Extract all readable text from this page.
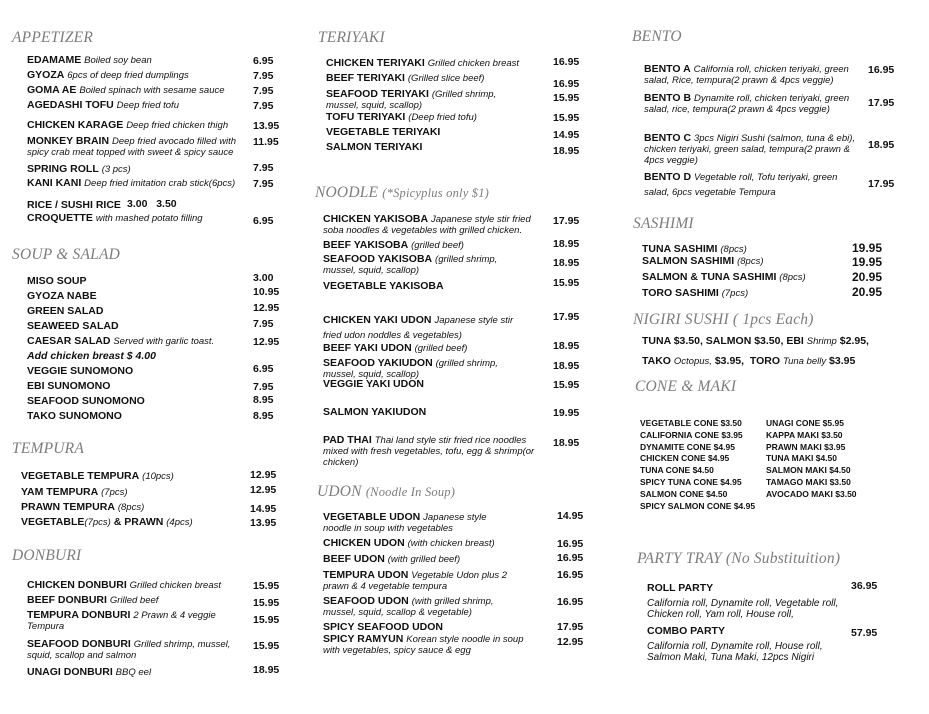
APPETIZER
EDAMAME Boiled soy bean	6.95
GYOZA 6pcs of deep fried dumplings	7.95
GOMA AE Boiled spinach with sesame sauce	7.95
AGEDASHI TOFU Deep fried tofu	7.95
CHICKEN KARAGE Deep fried chicken thigh 13.95
MONKEY BRAIN Deep fried avocado filled with spicy crab meat topped with sweet & spicy sauce
11.95
SPRING ROLL (3 pcs)	7.95
KANI KANI Deep fried imitation crab stick(6pcs) 7.95
RICE / SUSHI RICE 3.00   3.50
CROQUETTE with mashed potato filling	6.95
SOUP & SALAD
MISO SOUP	3.00
GYOZA NABE	10.95
GREEN SALAD	12.95
SEAWEED SALAD	7.95
CAESAR SALAD Served with garlic toast.	12.95
Add chicken breast $ 4.00
VEGGIE SUNOMONO	6.95
EBI SUNOMONO	7.95
SEAFOOD SUNOMONO	8.95
TAKO SUNOMONO	8.95
TEMPURA
VEGETABLE TEMPURA (10pcs)	12.95
YAM TEMPURA (7pcs)	12.95
PRAWN TEMPURA (8pcs)	14.95
VEGETABLE(7pcs) & PRAWN (4pcs)	13.95
DONBURI
CHICKEN DONBURI Grilled chicken breast	15.95
BEEF DONBURI Grilled beef	15.95
TEMPURA DONBURI 2 Prawn & 4 veggie Tempura
15.95
SEAFOOD DONBURI Grilled shrimp, mussel, squid, scallop and salmon
15.95
UNAGI DONBURI BBQ eel	18.95
TERIYAKI
CHICKEN TERIYAKI Grilled chicken breast	16.95
BEEF TERIYAKI (Grilled slice beef)	16.95
SEAFOOD TERIYAKI (Grilled shrimp, mussel, squid, scallop)
15.95
TOFU TERIYAKI (Deep fried tofu)	15.95
VEGETABLE TERIYAKI	14.95
SALMON TERIYAKI	18.95
NOODLE (*Spicyplus only $1)
CHICKEN YAKISOBA Japanese style stir fried soba noodles & vegetables with grilled chicken.
17.95
BEEF YAKISOBA (grilled beef)	18.95
SEAFOOD YAKISOBA (grilled shrimp, mussel, squid, scallop)
18.95
VEGETABLE YAKISOBA	15.95
CHICKEN YAKI UDON Japanese style stir fried udon noddles & vegetables)
17.95
BEEF YAKI UDON (grilled beef)	18.95
SEAFOOD YAKIUDON (grilled shrimp, mussel, squid, scallop)
18.95
VEGGIE YAKI UDON	15.95
SALMON YAKIUDON	19.95
PAD THAI Thai land style stir fried rice noodles mixed with fresh vegetables, tofu, egg & shrimp(or chicken)
18.95
UDON (Noodle In Soup)
VEGETABLE UDON Japanese style noodle in soup with vegetables
14.95
CHICKEN UDON (with chicken breast)	16.95
BEEF UDON (with grilled beef)	16.95
TEMPURA UDON Vegetable Udon plus 2 prawn & 4 vegetable tempura
16.95
SEAFOOD UDON (with grilled shrimp, mussel, squid, scallop & vegetable)
16.95
SPICY SEAFOOD UDON	17.95
SPICY RAMYUN Korean style noodle in soup with vegetables, spicy sauce & egg
12.95
BENTO
BENTO A California roll, chicken teriyaki, green salad, Rice, tempura(2 prawn & 4pcs veggie)
16.95
BENTO B Dynamite roll, chicken teriyaki, green salad, rice, tempura(2 prawn & 4pcs veggie)
17.95
BENTO C 3pcs Nigiri Sushi (salmon, tuna & ebi), chicken teriyaki, green salad, tempura(2 prawn & 4pcs veggie)
18.95
BENTO D Vegetable roll, Tofu teriyaki, green salad, 6pcs vegetable Tempura
17.95
SASHIMI
TUNA SASHIMI (8pcs)	19.95
SALMON SASHIMI (8pcs)	19.95
SALMON & TUNA SASHIMI (8pcs)	20.95
TORO SASHIMI (7pcs)	20.95
NIGIRI SUSHI ( 1pcs Each)
TUNA $3.50, SALMON $3.50, EBI Shrimp $2.95,
TAKO Octopus, $3.95, TORO Tuna belly $3.95
CONE & MAKI
VEGETABLE CONE $3.50
CALIFORNIA CONE $3.95
DYNAMITE CONE $4.95
CHICKEN CONE $4.95
TUNA CONE $4.50
SPICY TUNA CONE $4.95
SALMON CONE $4.50
SPICY SALMON CONE $4.95
UNAGI CONE $5.95
KAPPA MAKI $3.50
PRAWN MAKI $3.95
TUNA MAKI $4.50
SALMON MAKI $4.50
TAMAGO MAKI $3.50
AVOCADO MAKI $3.50
PARTY TRAY (No Substituition)
ROLL PARTY	36.95
California roll, Dynamite roll, Vegetable roll, Chicken roll, Yam roll, House roll,
COMBO PARTY	57.95
California roll, Dynamite roll, House roll, Salmon Maki, Tuna Maki, 12pcs Nigiri
